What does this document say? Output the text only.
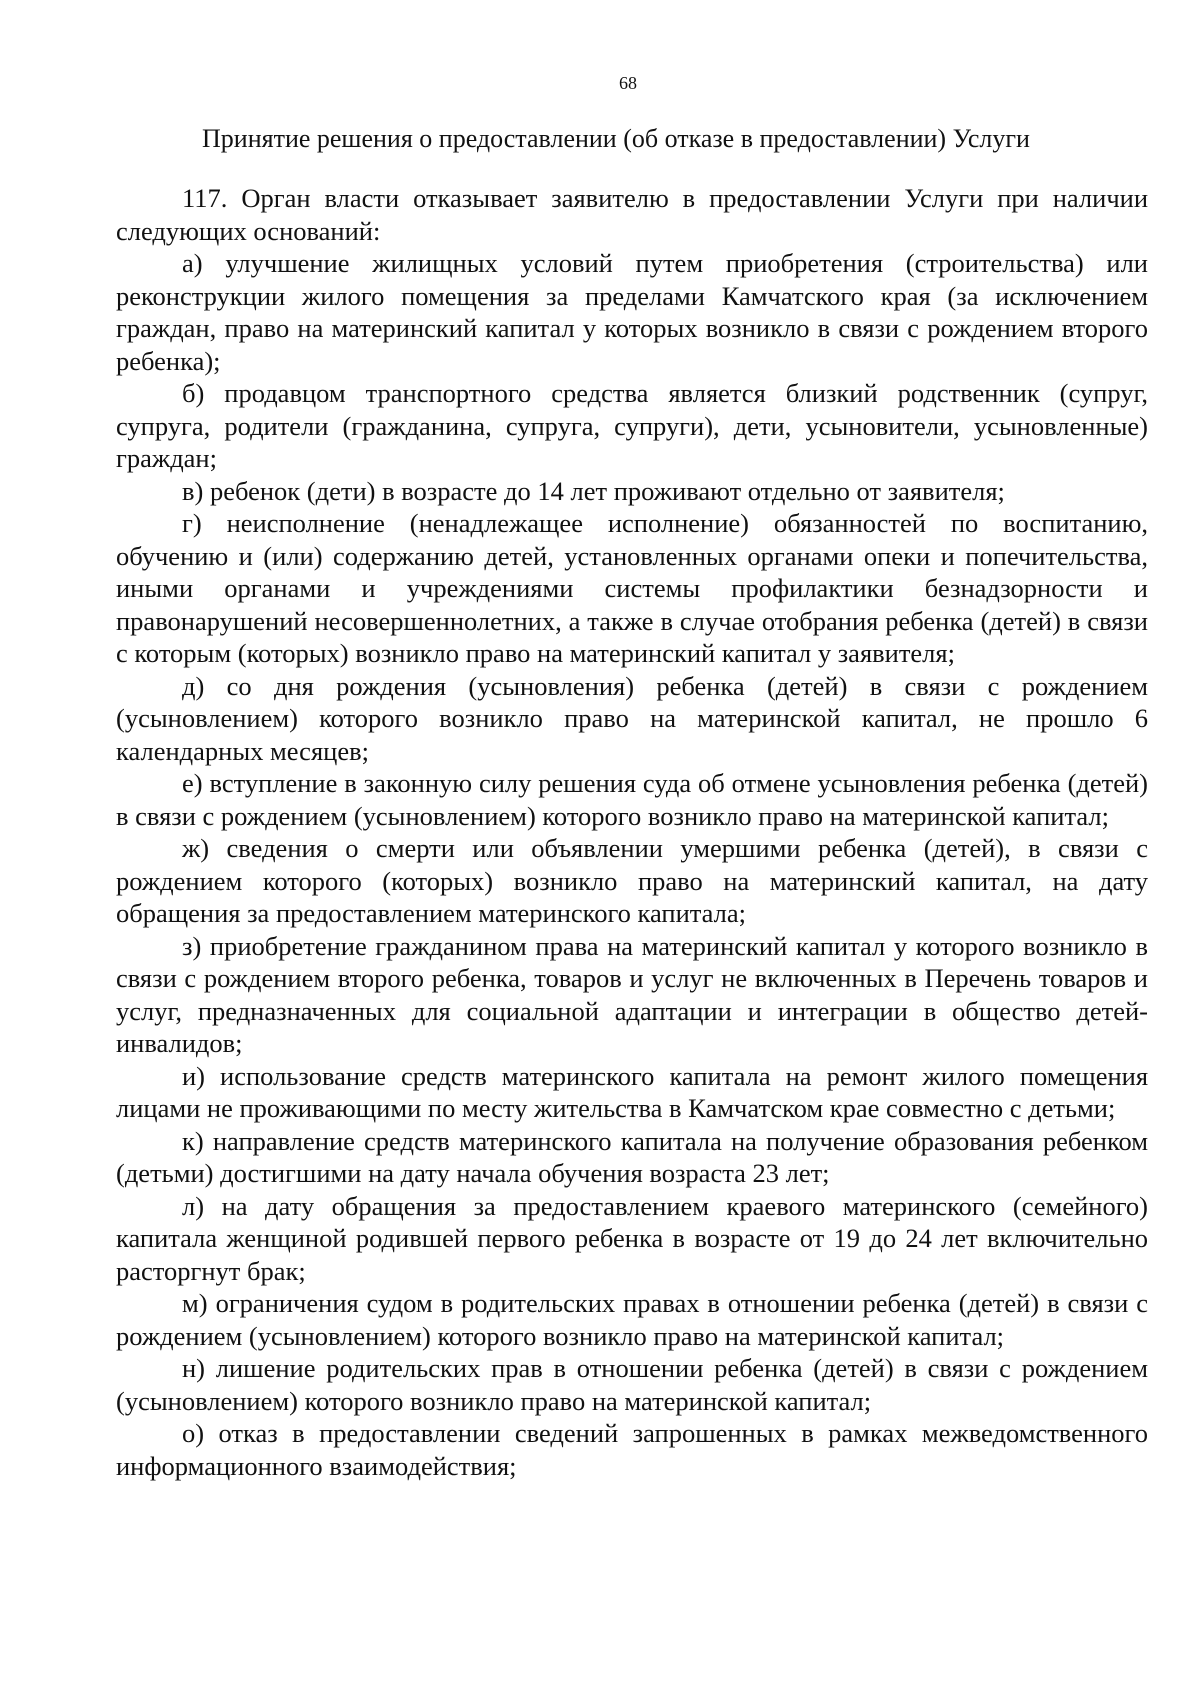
68
Принятие решения о предоставлении (об отказе в предоставлении) Услуги

117. Орган власти отказывает заявителю в предоставлении Услуги при наличии следующих оснований:

а) улучшение жилищных условий путем приобретения (строительства) или реконструкции жилого помещения за пределами Камчатского края (за исключением граждан, право на материнский капитал у которых возникло в связи с рождением второго ребенка);

б) продавцом транспортного средства является близкий родственник (супруг, супруга, родители (гражданина, супруга, супруги), дети, усыновители, усыновленные) граждан;

в) ребенок (дети) в возрасте до 14 лет проживают отдельно от заявителя;

г) неисполнение (ненадлежащее исполнение) обязанностей по воспитанию, обучению и (или) содержанию детей, установленных органами опеки и попечительства, иными органами и учреждениями системы профилактики безнадзорности и правонарушений несовершеннолетних, а также в случае отобрания ребенка (детей) в связи с которым (которых) возникло право на материнский капитал у заявителя;

д) со дня рождения (усыновления) ребенка (детей) в связи с рождением (усыновлением) которого возникло право на материнской капитал, не прошло 6 календарных месяцев;

е) вступление в законную силу решения суда об отмене усыновления ребенка (детей) в связи с рождением (усыновлением) которого возникло право на материнской капитал;

ж) сведения о смерти или объявлении умершими ребенка (детей), в связи с рождением которого (которых) возникло право на материнский капитал, на дату обращения за предоставлением материнского капитала;

з) приобретение гражданином права на материнский капитал у которого возникло в связи с рождением второго ребенка, товаров и услуг не включенных в Перечень товаров и услуг, предназначенных для социальной адаптации и интеграции в общество детей-инвалидов;

и) использование средств материнского капитала на ремонт жилого помещения лицами не проживающими по месту жительства в Камчатском крае совместно с детьми;

к) направление средств материнского капитала на получение образования ребенком (детьми) достигшими на дату начала обучения возраста 23 лет;

л) на дату обращения за предоставлением краевого материнского (семейного) капитала женщиной родившей первого ребенка в возрасте от 19 до 24 лет включительно расторгнут брак;

м) ограничения судом в родительских правах в отношении ребенка (детей) в связи с рождением (усыновлением) которого возникло право на материнской капитал;

н) лишение родительских прав в отношении ребенка (детей) в связи с рождением (усыновлением) которого возникло право на материнской капитал;

о) отказ в предоставлении сведений запрошенных в рамках межведомственного информационного взаимодействия;
